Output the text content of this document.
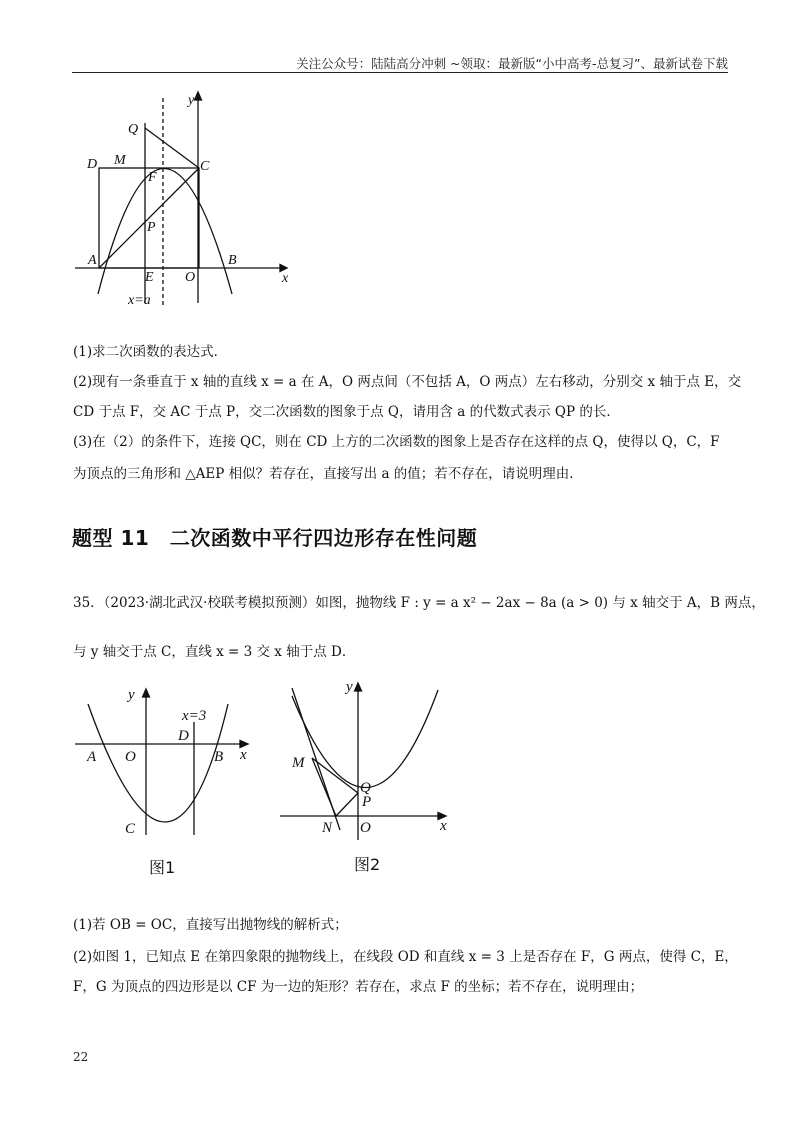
关注公众号：陆陆高分冲刺 ~领取：最新版“小中高考-总复习”、最新试卷下载
y
x
Q
D M	C
F
P
A
E O
B
x=a
(1)求二次函数的表达式．
(2)现有一条垂直于 x 轴的直线 x = a 在 A，O 两点间（不包括 A，O 两点）左右移动，分别交 x 轴于点 E，交
CD 于点 F，交 AC 于点 P，交二次函数的图象于点 Q，请用含 a 的代数式表示 QP 的长．
(3)在（2）的条件下，连接 QC，则在 CD 上方的二次函数的图象上是否存在这样的点 Q，使得以 Q，C，F
为顶点的三角形和 △AEP 相似？若存在，直接写出 a 的值；若不存在，请说明理由．
题型 11　二次函数中平行四边形存在性问题
35．（2023·湖北武汉·校联考模拟预测）如图，抛物线 F : y = a x² − 2ax − 8a (a > 0) 与 x 轴交于 A，B 两点，
与 y 轴交于点 C，直线 x = 3 交 x 轴于点 D．
y
x
x=3
D
A O	B
C
图1
y
x
M
Q
P
N O
图2
(1)若 OB = OC，直接写出抛物线的解析式；
(2)如图 1，已知点 E 在第四象限的抛物线上，在线段 OD 和直线 x = 3 上是否存在 F，G 两点，使得 C，E，
F，G 为顶点的四边形是以 CF 为一边的矩形？若存在，求点 F 的坐标；若不存在，说明理由；
22
